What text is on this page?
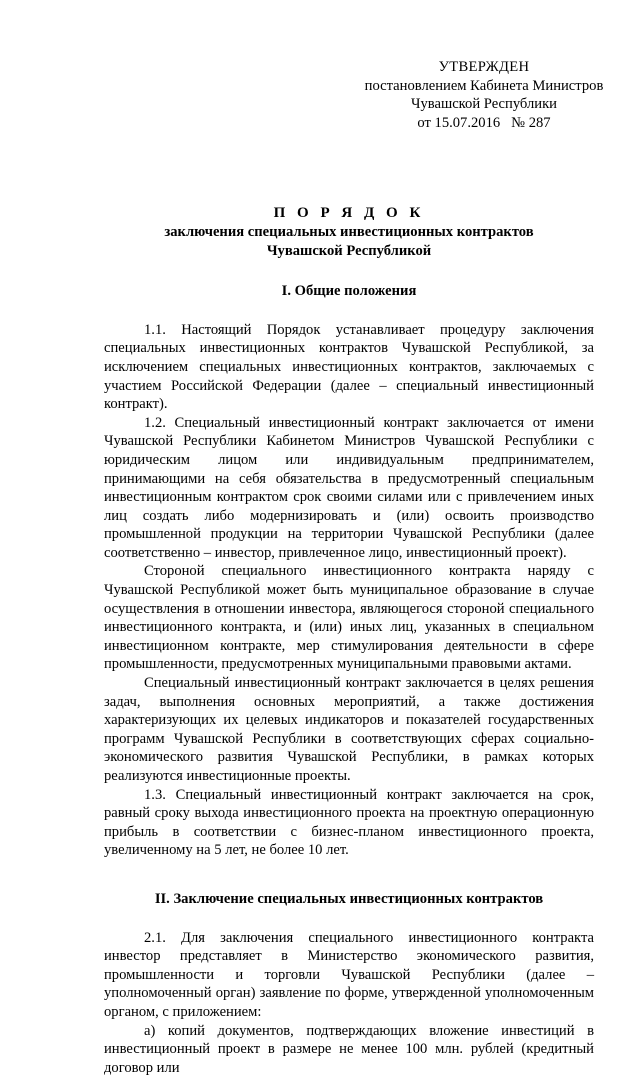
УТВЕРЖДЕН
постановлением Кабинета Министров
Чувашской Республики
от 15.07.2016   № 287
П О Р Я Д О К
заключения специальных инвестиционных контрактов
Чувашской Республикой
I. Общие положения

1.1. Настоящий Порядок устанавливает процедуру заключения специальных инвестиционных контрактов Чувашской Республикой, за исключением специальных инвестиционных контрактов, заключаемых с участием Российской Федерации (далее – специальный инвестиционный контракт).

1.2. Специальный инвестиционный контракт заключается от имени Чувашской Республики Кабинетом Министров Чувашской Республики с юридическим лицом или индивидуальным предпринимателем, принимающими на себя обязательства в предусмотренный специальным инвестиционным контрактом срок своими силами или с привлечением иных лиц создать либо модернизировать и (или) освоить производство промышленной продукции на территории Чувашской Республики (далее соответственно – инвестор, привлеченное лицо, инвестиционный проект).

Стороной специального инвестиционного контракта наряду с Чувашской Республикой может быть муниципальное образование в случае осуществления в отношении инвестора, являющегося стороной специального инвестиционного контракта, и (или) иных лиц, указанных в специальном инвестиционном контракте, мер стимулирования деятельности в сфере промышленности, предусмотренных муниципальными правовыми актами.

Специальный инвестиционный контракт заключается в целях решения задач, выполнения основных мероприятий, а также достижения характеризующих их целевых индикаторов и показателей государственных программ Чувашской Республики в соответствующих сферах социально-экономического развития Чувашской Республики, в рамках которых реализуются инвестиционные проекты.

1.3. Специальный инвестиционный контракт заключается на срок, равный сроку выхода инвестиционного проекта на проектную операционную прибыль в соответствии с бизнес-планом инвестиционного проекта, увеличенному на 5 лет, не более 10 лет.

II. Заключение специальных инвестиционных контрактов

2.1. Для заключения специального инвестиционного контракта инвестор представляет в Министерство экономического развития, промышленности и торговли Чувашской Республики (далее – уполномоченный орган) заявление по форме, утвержденной уполномоченным органом, с приложением:

а) копий документов, подтверждающих вложение инвестиций в инвестиционный проект в размере не менее 100 млн. рублей (кредитный договор или
